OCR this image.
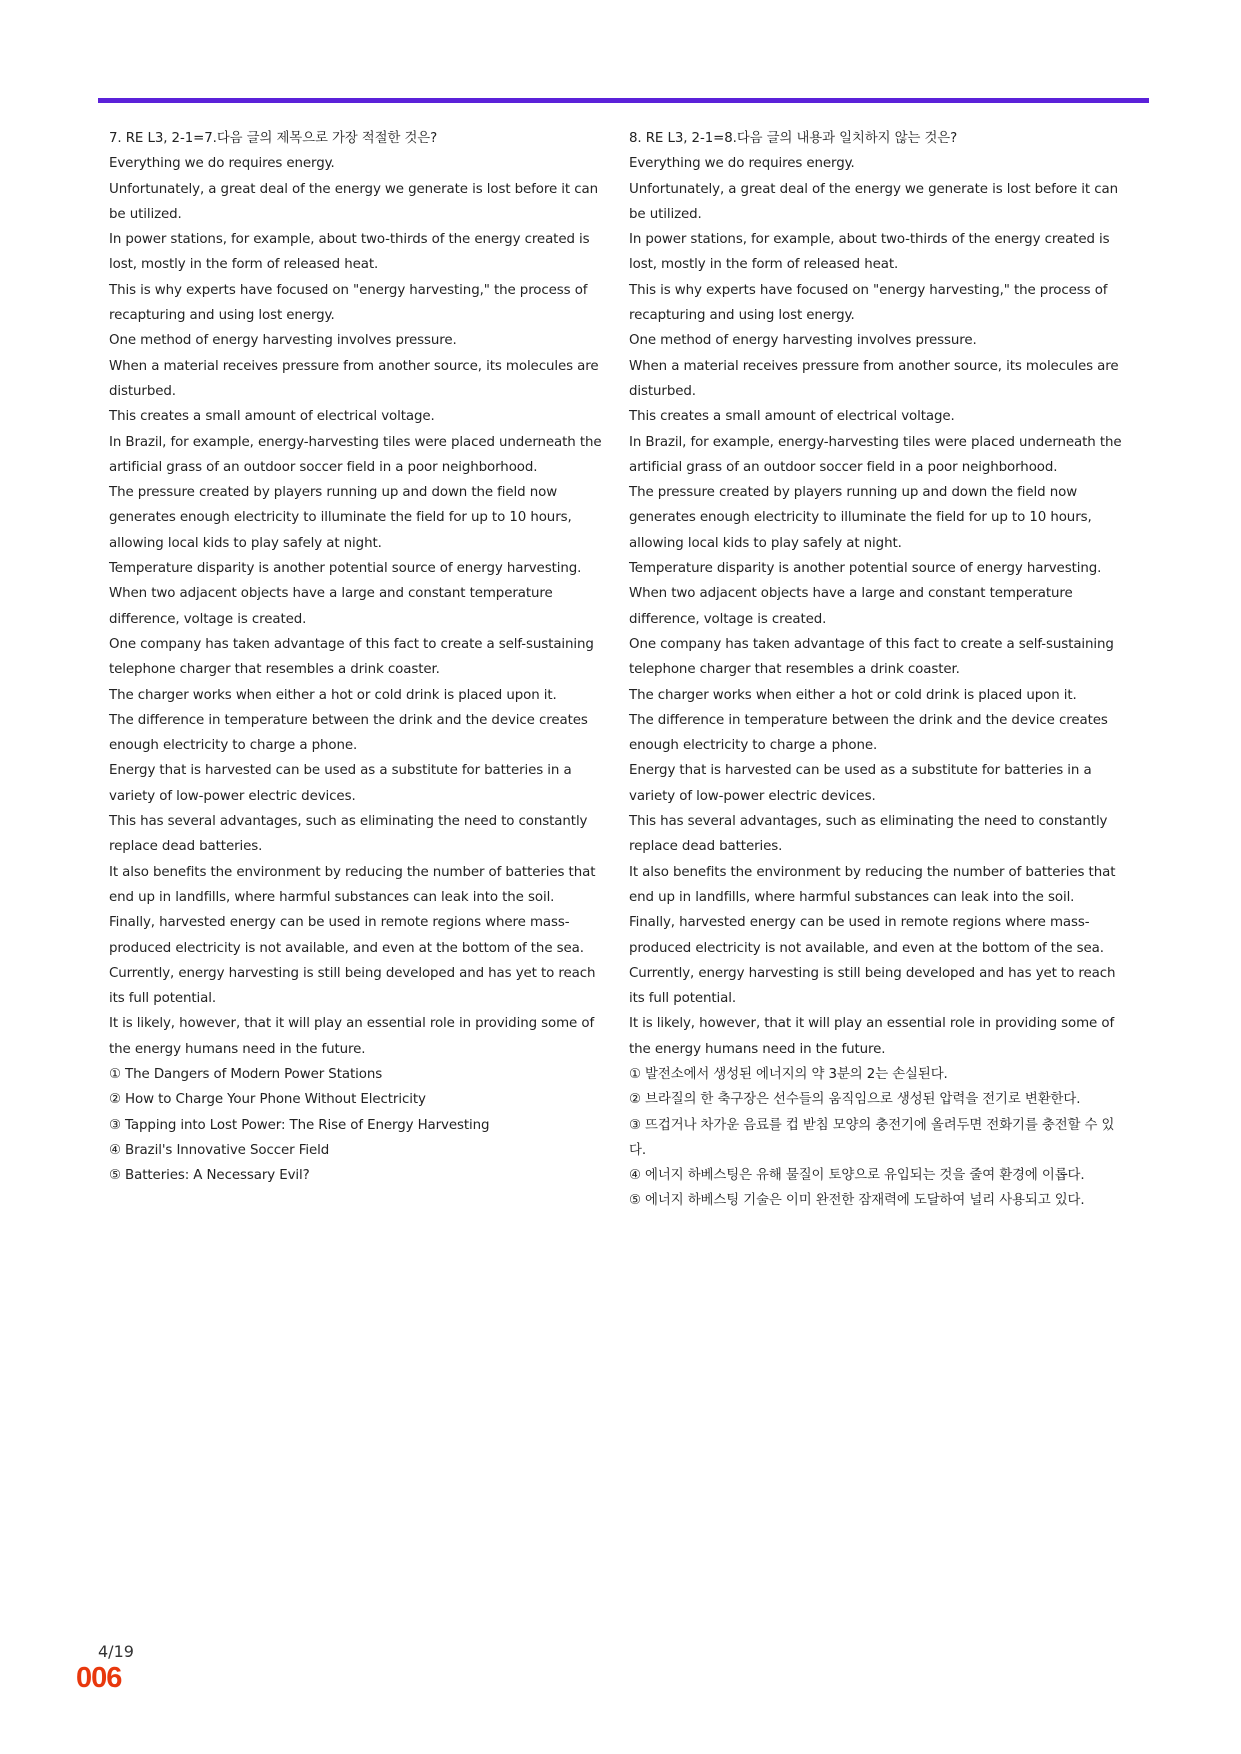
7. RE L3, 2-1=7.다음 글의 제목으로 가장 적절한 것은?

Everything we do requires energy.

Unfortunately, a great deal of the energy we generate is lost before it can be utilized.

In power stations, for example, about two-thirds of the energy created is lost, mostly in the form of released heat.

This is why experts have focused on "energy harvesting," the process of recapturing and using lost energy.

One method of energy harvesting involves pressure.

When a material receives pressure from another source, its molecules are disturbed.

This creates a small amount of electrical voltage.

In Brazil, for example, energy-harvesting tiles were placed underneath the artificial grass of an outdoor soccer field in a poor neighborhood.

The pressure created by players running up and down the field now generates enough electricity to illuminate the field for up to 10 hours, allowing local kids to play safely at night.

Temperature disparity is another potential source of energy harvesting.

When two adjacent objects have a large and constant temperature difference, voltage is created.

One company has taken advantage of this fact to create a self-sustaining telephone charger that resembles a drink coaster.

The charger works when either a hot or cold drink is placed upon it.

The difference in temperature between the drink and the device creates enough electricity to charge a phone.

Energy that is harvested can be used as a substitute for batteries in a variety of low-power electric devices.

This has several advantages, such as eliminating the need to constantly replace dead batteries.

It also benefits the environment by reducing the number of batteries that end up in landfills, where harmful substances can leak into the soil.

Finally, harvested energy can be used in remote regions where mass-produced electricity is not available, and even at the bottom of the sea.

Currently, energy harvesting is still being developed and has yet to reach its full potential.

It is likely, however, that it will play an essential role in providing some of the energy humans need in the future.

① The Dangers of Modern Power Stations

② How to Charge Your Phone Without Electricity

③ Tapping into Lost Power: The Rise of Energy Harvesting

④ Brazil's Innovative Soccer Field

⑤ Batteries: A Necessary Evil?

8. RE L3, 2-1=8.다음 글의 내용과 일치하지 않는 것은?

Everything we do requires energy.

Unfortunately, a great deal of the energy we generate is lost before it can be utilized.

In power stations, for example, about two-thirds of the energy created is lost, mostly in the form of released heat.

This is why experts have focused on "energy harvesting," the process of recapturing and using lost energy.

One method of energy harvesting involves pressure.

When a material receives pressure from another source, its molecules are disturbed.

This creates a small amount of electrical voltage.

In Brazil, for example, energy-harvesting tiles were placed underneath the artificial grass of an outdoor soccer field in a poor neighborhood.

The pressure created by players running up and down the field now generates enough electricity to illuminate the field for up to 10 hours, allowing local kids to play safely at night.

Temperature disparity is another potential source of energy harvesting.

When two adjacent objects have a large and constant temperature difference, voltage is created.

One company has taken advantage of this fact to create a self-sustaining telephone charger that resembles a drink coaster.

The charger works when either a hot or cold drink is placed upon it.

The difference in temperature between the drink and the device creates enough electricity to charge a phone.

Energy that is harvested can be used as a substitute for batteries in a variety of low-power electric devices.

This has several advantages, such as eliminating the need to constantly replace dead batteries.

It also benefits the environment by reducing the number of batteries that end up in landfills, where harmful substances can leak into the soil.

Finally, harvested energy can be used in remote regions where mass-produced electricity is not available, and even at the bottom of the sea.

Currently, energy harvesting is still being developed and has yet to reach its full potential.

It is likely, however, that it will play an essential role in providing some of the energy humans need in the future.

① 발전소에서 생성된 에너지의 약 3분의 2는 손실된다.

② 브라질의 한 축구장은 선수들의 움직임으로 생성된 압력을 전기로 변환한다.

③ 뜨겁거나 차가운 음료를 컵 받침 모양의 충전기에 올려두면 전화기를 충전할 수 있다.

④ 에너지 하베스팅은 유해 물질이 토양으로 유입되는 것을 줄여 환경에 이롭다.

⑤ 에너지 하베스팅 기술은 이미 완전한 잠재력에 도달하여 널리 사용되고 있다.

4/19
006
